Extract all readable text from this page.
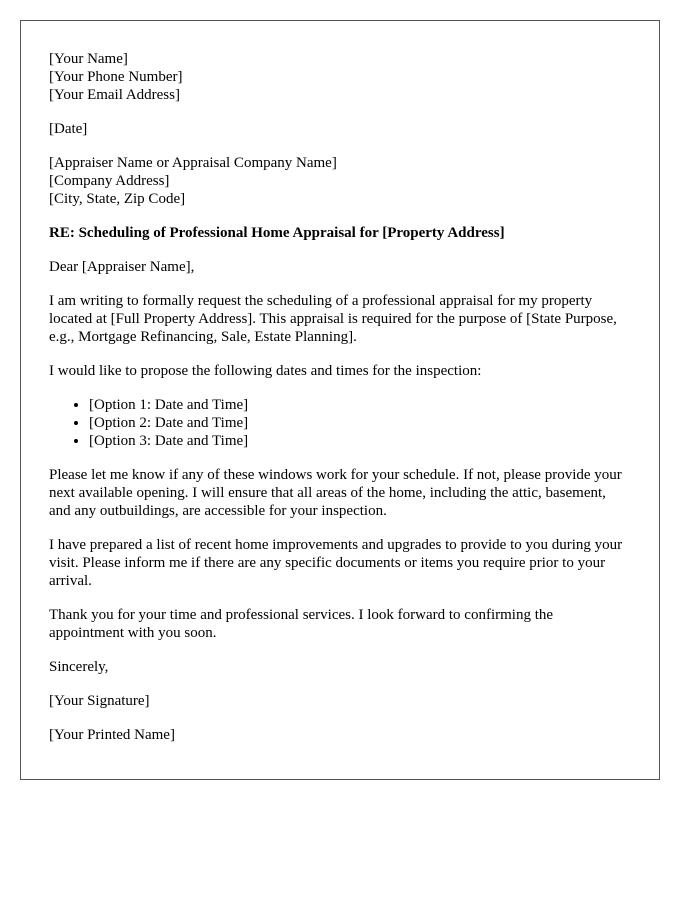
[Your Name]
[Your Phone Number]
[Your Email Address]
[Date]
[Appraiser Name or Appraisal Company Name]
[Company Address]
[City, State, Zip Code]

RE: Scheduling of Professional Home Appraisal for [Property Address]

Dear [Appraiser Name],

I am writing to formally request the scheduling of a professional appraisal for my property located at [Full Property Address]. This appraisal is required for the purpose of [State Purpose, e.g., Mortgage Refinancing, Sale, Estate Planning].

I would like to propose the following dates and times for the inspection:

• [Option 1: Date and Time]
• [Option 2: Date and Time]
• [Option 3: Date and Time]

Please let me know if any of these windows work for your schedule. If not, please provide your next available opening. I will ensure that all areas of the home, including the attic, basement, and any outbuildings, are accessible for your inspection.

I have prepared a list of recent home improvements and upgrades to provide to you during your visit. Please inform me if there are any specific documents or items you require prior to your arrival.

Thank you for your time and professional services. I look forward to confirming the appointment with you soon.

Sincerely,

[Your Signature]

[Your Printed Name]
